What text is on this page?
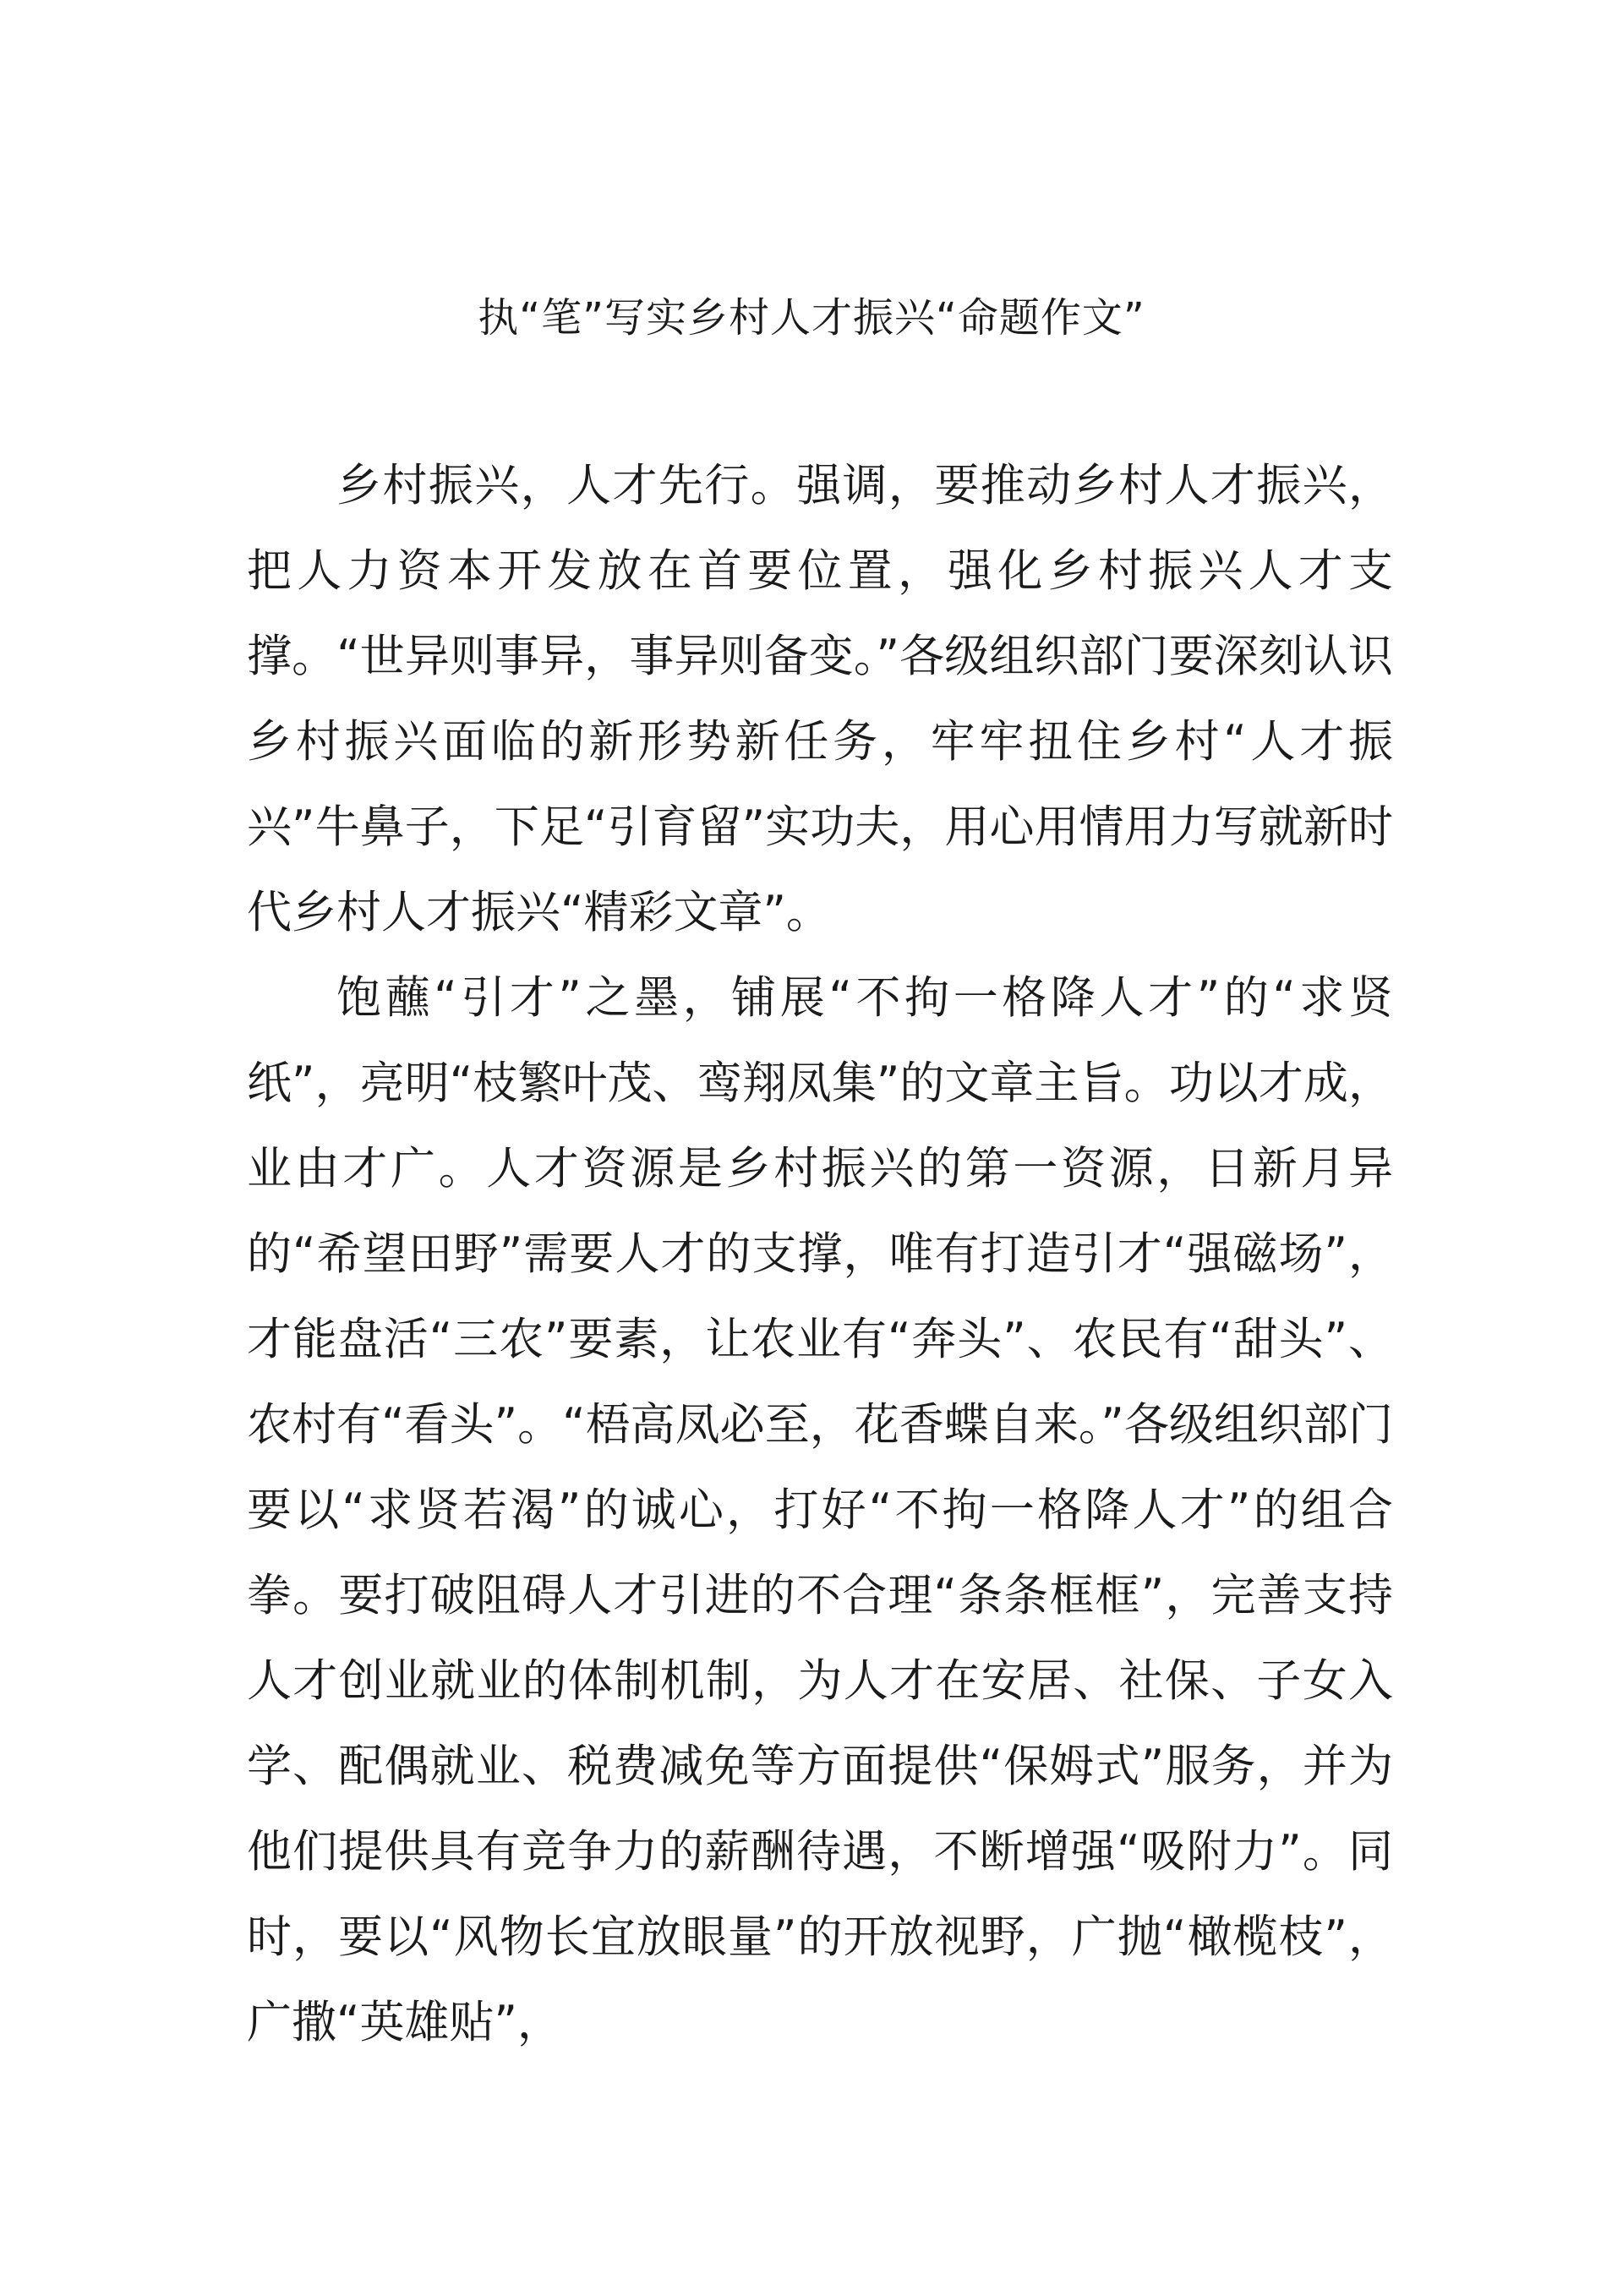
执“笔”写实乡村人才振兴“命题作文”

乡村振兴，人才先行。强调，要推动乡村人才振兴，把人力资本开发放在首要位置，强化乡村振兴人才支撑。“世异则事异，事异则备变。”各级组织部门要深刻认识乡村振兴面临的新形势新任务，牢牢扭住乡村“人才振兴”牛鼻子，下足“引育留”实功夫，用心用情用力写就新时代乡村人才振兴“精彩文章”。

饱蘸“引才”之墨，铺展“不拘一格降人才”的“求贤纸”，亮明“枝繁叶茂、鸾翔凤集”的文章主旨。功以才成，业由才广。人才资源是乡村振兴的第一资源，日新月异的“希望田野”需要人才的支撑，唯有打造引才“强磁场”，才能盘活“三农”要素，让农业有“奔头”、农民有“甜头”、农村有“看头”。“梧高凤必至，花香蝶自来。”各级组织部门要以“求贤若渴”的诚心，打好“不拘一格降人才”的组合拳。要打破阻碍人才引进的不合理“条条框框”，完善支持人才创业就业的体制机制，为人才在安居、社保、子女入学、配偶就业、税费减免等方面提供“保姆式”服务，并为他们提供具有竞争力的薪酬待遇，不断增强“吸附力”。同时，要以“风物长宜放眼量”的开放视野，广抛“橄榄枝”，广撒“英雄贴”，
